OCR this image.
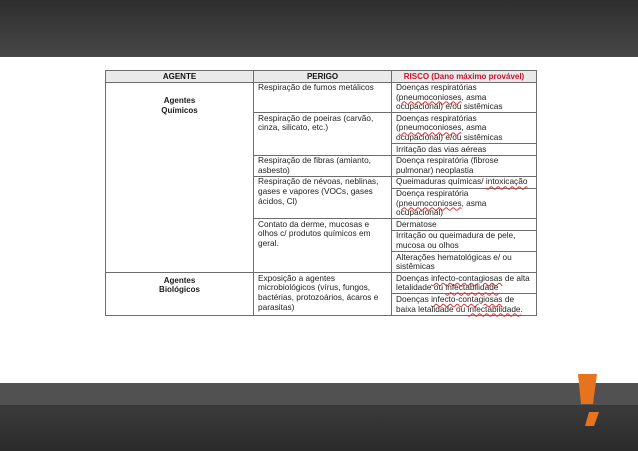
AGENTE	PERIGO	RISCO (Dano máximo provável)
Agentes
Químicos	Respiração de fumos metálicos	Doenças respiratórias (pneumoconioses, asma ocupacional) e/ou sistêmicas
	Respiração de poeiras (carvão, cinza, silicato, etc.)	Doenças respiratórias (pneumoconioses, asma ocupacional) e/ou sistêmicas
		Irritação das vias aéreas
	Respiração de fibras (amianto, asbesto)	Doença respiratória (fibrose pulmonar) neoplastia
	Respiração de névoas, neblinas, gases e vapores (VOCs, gases ácidos, Cl)	Queimaduras químicas/ intoxicação
		Doença respiratória (pneumoconioses, asma ocupacional)
	Contato da derme, mucosas e olhos c/ produtos químicos em geral.	Dermatose
		Irritação ou queimadura de pele, mucosa ou olhos
		Alterações hematológicas e/ ou sistêmicas
Agentes
Biológicos	Exposição a agentes microbiológicos (vírus, fungos, bactérias, protozoários, ácaros e parasitas)	Doenças infecto-contagiosas de alta letalidade ou infectabilidade
		Doenças infecto-contagiosas de baixa letalidade ou infectabilidade.
